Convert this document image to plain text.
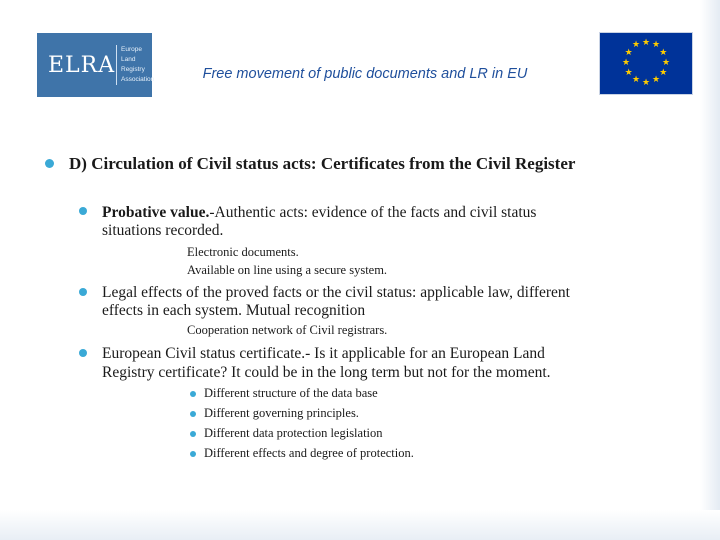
ELRA
Europe
Land
Registry
Association	Free movement of public documents and LR in EU
★ ★
★
★
★
★
★
★
★
★
★
★
D) Circulation of Civil status acts: Certificates from the Civil Register
Probative value.-Authentic acts: evidence of the facts and civil status
situations recorded.
Electronic documents.
Available on line using a secure system.
Legal effects of the proved facts or the civil status: applicable law, different
effects in each system. Mutual recognition
Cooperation network of Civil registrars.
European Civil status certificate.- Is it applicable for an European Land
Registry certificate? It could be in the long term but not for the moment.
Different structure of the data base
Different governing principles.
Different data protection legislation
Different effects and degree of protection.
